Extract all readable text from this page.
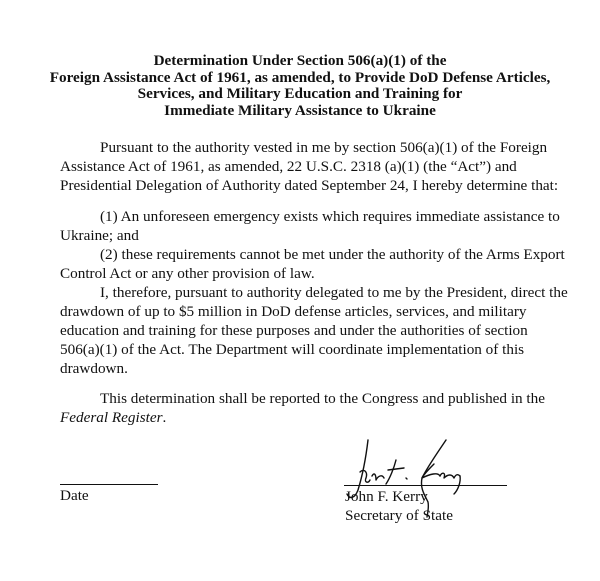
Determination Under Section 506(a)(1) of the
Foreign Assistance Act of 1961, as amended, to Provide DoD Defense Articles,
Services, and Military Education and Training for
Immediate Military Assistance to Ukraine
Pursuant to the authority vested in me by section 506(a)(1) of the Foreign
Assistance Act of 1961, as amended, 22 U.S.C. 2318 (a)(1) (the “Act”) and
Presidential Delegation of Authority dated September 24, I hereby determine that:
(1) An unforeseen emergency exists which requires immediate assistance to
Ukraine; and
(2) these requirements cannot be met under the authority of the Arms Export
Control Act or any other provision of law.
I, therefore, pursuant to authority delegated to me by the President, direct the
drawdown of up to $5 million in DoD defense articles, services, and military
education and training for these purposes and under the authorities of section
506(a)(1) of the Act. The Department will coordinate implementation of this
drawdown.
This determination shall be reported to the Congress and published in the
Federal Register.
Date	John F. Kerry
Secretary of State
